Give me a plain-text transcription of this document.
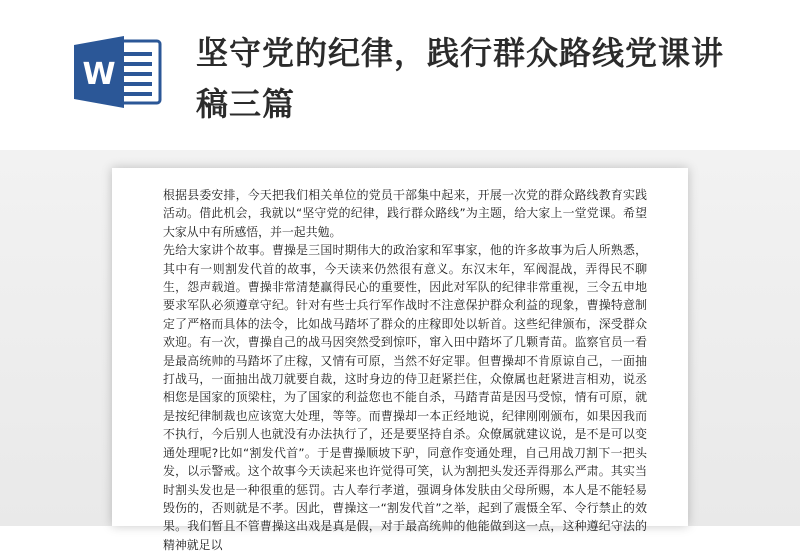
W
坚守党的纪律，践行群众路线党课讲稿三篇

根据县委安排，今天把我们相关单位的党员干部集中起来，开展一次党的群众路线教育实践活动。借此机会，我就以“坚守党的纪律，践行群众路线”为主题，给大家上一堂党课。希望大家从中有所感悟，并一起共勉。

先给大家讲个故事。曹操是三国时期伟大的政治家和军事家，他的许多故事为后人所熟悉，其中有一则割发代首的故事，今天读来仍然很有意义。东汉末年，军阀混战，弄得民不聊生，怨声载道。曹操非常清楚赢得民心的重要性，因此对军队的纪律非常重视，三令五申地要求军队必须遵章守纪。针对有些士兵行军作战时不注意保护群众利益的现象，曹操特意制定了严格而具体的法令，比如战马踏坏了群众的庄稼即处以斩首。这些纪律颁布，深受群众欢迎。有一次，曹操自己的战马因突然受到惊吓，窜入田中踏坏了几颗青苗。监察官员一看是最高统帅的马踏坏了庄稼，又情有可原，当然不好定罪。但曹操却不肯原谅自己，一面抽打战马，一面抽出战刀就要自裁，这时身边的侍卫赶紧拦住，众僚属也赶紧进言相劝，说丞相您是国家的顶梁柱，为了国家的利益您也不能自杀，马踏青苗是因马受惊，情有可原，就是按纪律制裁也应该宽大处理，等等。而曹操却一本正经地说，纪律刚刚颁布，如果因我而不执行，今后别人也就没有办法执行了，还是要坚持自杀。众僚属就建议说，是不是可以变通处理呢?比如“割发代首”。于是曹操顺坡下驴，同意作变通处理，自己用战刀割下一把头发，以示警戒。这个故事今天读起来也许觉得可笑，认为割把头发还弄得那么严肃。其实当时割头发也是一种很重的惩罚。古人奉行孝道，强调身体发肤由父母所赐，本人是不能轻易毁伤的，否则就是不孝。因此，曹操这一“割发代首”之举，起到了震慑全军、令行禁止的效果。我们暂且不管曹操这出戏是真是假，对于最高统帅的他能做到这一点，这种遵纪守法的精神就足以
